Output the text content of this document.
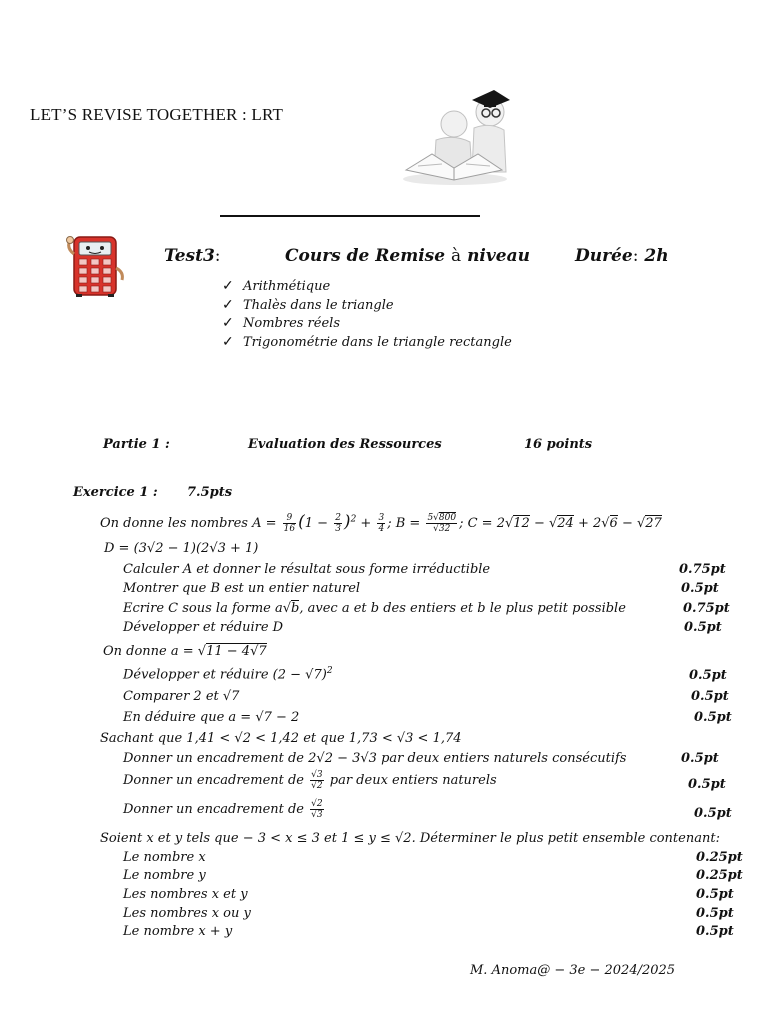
LET’S REVISE TOGETHER : LRT
Test3:	Cours de Remise à niveau	Durée: 2h
✓ Arithmétique
✓ Thalès dans le triangle
✓ Nombres réels
✓ Trigonométrie dans le triangle rectangle
Partie 1 :	Evaluation des Ressources	16 points
Exercice 1 : 7.5pts
On donne les nombres $A = \frac{9}{16} (1 - \frac{2}{3} )^2 + \frac{3}{4}$ ; $B = \frac{5√800}{√32}$ ; C = 2√12 − √24 + 2√6 − √27
D = (3√2 − 1)(2√3 + 1)
Calculer A et donner le résultat sous forme irréductible	0.75pt
Montrer que B est un entier naturel	0.5pt
Ecrire C sous la forme a√b, avec a et b des entiers et b le plus petit possible	0.75pt
Développer et réduire D	0.5pt
On donne a = √11 − 4√7
Développer et réduire $(2 - √7)^2$	0.5pt
Comparer 2 et √7	0.5pt
En déduire que a = √7 − 2	0.5pt
Sachant que 1,41 < √2 < 1,42 et que 1,73 < √3 < 1,74
Donner un encadrement de 2√2 − 3√3 par deux entiers naturels consécutifs	0.5pt
Donner un encadrement de $\frac{√3}{√2}$ par deux entiers naturels	0.5pt
Donner un encadrement de $\frac{√2}{√3}$	0.5pt
Soient x et y tels que − 3 < x ≤ 3 et 1 ≤ y ≤ √2. Déterminer le plus petit ensemble contenant:
Le nombre x	0.25pt
Le nombre y	0.25pt
Les nombres x et y	0.5pt
Les nombres x ou y	0.5pt
Le nombre x + y	0.5pt
M. Anoma@ − 3e − 2024/2025
